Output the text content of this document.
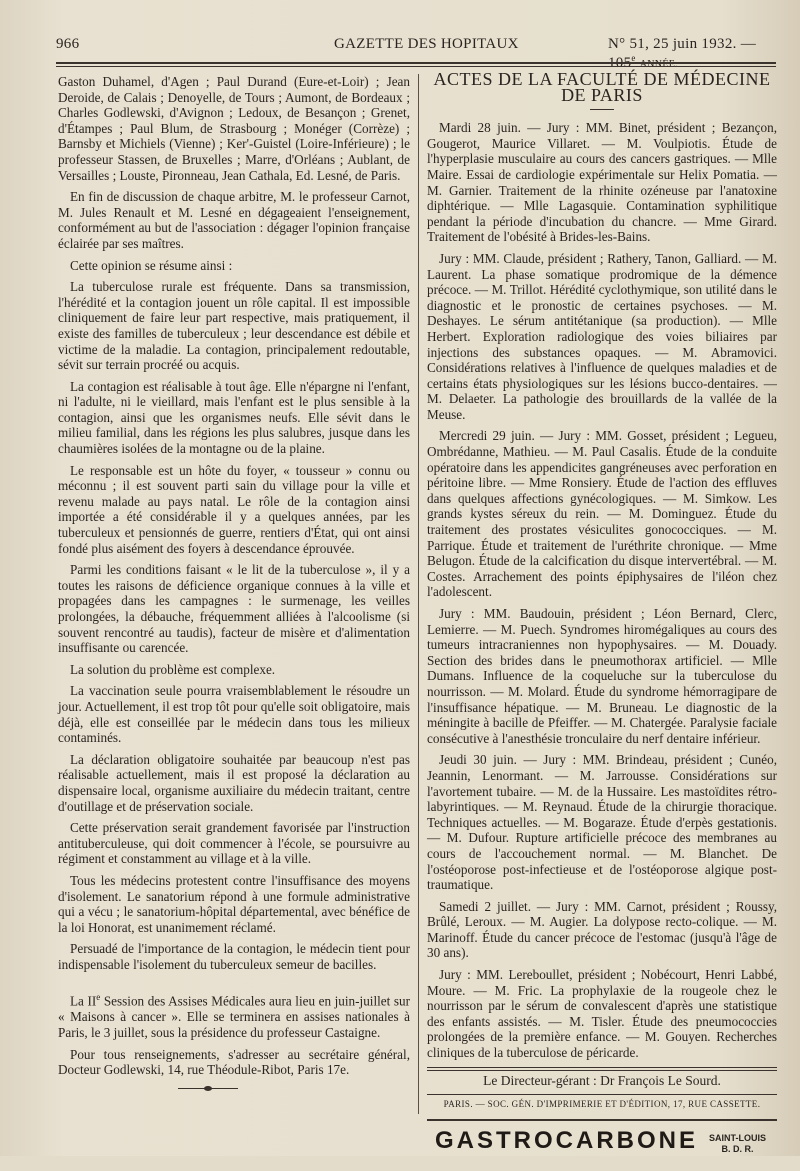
966	GAZETTE DES HOPITAUX	N° 51, 25 juin 1932. — 105e ANNÉE.

Gaston Duhamel, d'Agen ; Paul Durand (Eure-et-Loir) ; Jean Deroide, de Calais ; Denoyelle, de Tours ; Aumont, de Bordeaux ; Charles Godlewski, d'Avignon ; Ledoux, de Besançon ; Grenet, d'Étampes ; Paul Blum, de Strasbourg ; Monéger (Corrèze) ; Barnsby et Michiels (Vienne) ; Ker'-Guistel (Loire-Inférieure) ; le professeur Stassen, de Bruxelles ; Marre, d'Orléans ; Aublant, de Versailles ; Louste, Pironneau, Jean Cathala, Ed. Lesné, de Paris.

En fin de discussion de chaque arbitre, M. le professeur Carnot, M. Jules Renault et M. Lesné en dégageaient l'enseignement, conformément au but de l'association : dégager l'opinion française éclairée par ses maîtres.

Cette opinion se résume ainsi :

La tuberculose rurale est fréquente. Dans sa transmission, l'hérédité et la contagion jouent un rôle capital. Il est impossible cliniquement de faire leur part respective, mais pratiquement, il existe des familles de tuberculeux ; leur descendance est débile et victime de la maladie. La contagion, principalement redoutable, sévit sur terrain procréé ou acquis.

La contagion est réalisable à tout âge. Elle n'épargne ni l'enfant, ni l'adulte, ni le vieillard, mais l'enfant est le plus sensible à la contagion, ainsi que les organismes neufs. Elle sévit dans le milieu familial, dans les régions les plus salubres, jusque dans les chaumières isolées de la montagne ou de la plaine.

Le responsable est un hôte du foyer, « tousseur » connu ou méconnu ; il est souvent parti sain du village pour la ville et revenu malade au pays natal. Le rôle de la contagion ainsi importée a été considérable il y a quelques années, par les tuberculeux et pensionnés de guerre, rentiers d'État, qui ont ainsi fondé plus aisément des foyers à descendance éprouvée.

Parmi les conditions faisant « le lit de la tuberculose », il y a toutes les raisons de déficience organique connues à la ville et propagées dans les campagnes : le surmenage, les veilles prolongées, la débauche, fréquemment alliées à l'alcoolisme (si souvent rencontré au taudis), facteur de misère et d'alimentation insuffisante ou carencée.

La solution du problème est complexe.

La vaccination seule pourra vraisemblablement le résoudre un jour. Actuellement, il est trop tôt pour qu'elle soit obligatoire, mais déjà, elle est conseillée par le médecin dans tous les milieux contaminés.

La déclaration obligatoire souhaitée par beaucoup n'est pas réalisable actuellement, mais il est proposé la déclaration au dispensaire local, organisme auxiliaire du médecin traitant, centre d'outillage et de préservation sociale.

Cette préservation serait grandement favorisée par l'instruction antituberculeuse, qui doit commencer à l'école, se poursuivre au régiment et constamment au village et à la ville.

Tous les médecins protestent contre l'insuffisance des moyens d'isolement. Le sanatorium répond à une formule administrative qui a vécu ; le sanatorium-hôpital départemental, avec bénéfice de la loi Honorat, est unanimement réclamé.

Persuadé de l'importance de la contagion, le médecin tient pour indispensable l'isolement du tuberculeux semeur de bacilles.

La IIe Session des Assises Médicales aura lieu en juin-juillet sur « Maisons à cancer ». Elle se terminera en assises nationales à Paris, le 3 juillet, sous la présidence du professeur Castaigne.

Pour tous renseignements, s'adresser au secrétaire général, Docteur Godlewski, 14, rue Théodule-Ribot, Paris 17e.

ACTES DE LA FACULTÉ DE MÉDECINE DE PARIS

Mardi 28 juin. — Jury : MM. Binet, président ; Bezançon, Gougerot, Maurice Villaret. — M. Voulpiotis. Étude de l'hyperplasie musculaire au cours des cancers gastriques. — Mlle Maire. Essai de cardiologie expérimentale sur Helix Pomatia. — M. Garnier. Traitement de la rhinite ozéneuse par l'anatoxine diphtérique. — Mlle Lagasquie. Contamination syphilitique pendant la période d'incubation du chancre. — Mme Girard. Traitement de l'obésité à Brides-les-Bains.

Jury : MM. Claude, président ; Rathery, Tanon, Galliard. — M. Laurent. La phase somatique prodromique de la démence précoce. — M. Trillot. Hérédité cyclothymique, son utilité dans le diagnostic et le pronostic de certaines psychoses. — M. Deshayes. Le sérum antitétanique (sa production). — Mlle Herbert. Exploration radiologique des voies biliaires par injections des substances opaques. — M. Abramovici. Considérations relatives à l'influence de quelques maladies et de certains états physiologiques sur les lésions bucco-dentaires. — M. Delaeter. La pathologie des brouillards de la vallée de la Meuse.

Mercredi 29 juin. — Jury : MM. Gosset, président ; Legueu, Ombrédanne, Mathieu. — M. Paul Casalis. Étude de la conduite opératoire dans les appendicites gangréneuses avec perforation en péritoine libre. — Mme Ronsiery. Étude de l'action des effluves dans quelques affections gynécologiques. — M. Simkow. Les grands kystes séreux du rein. — M. Dominguez. Étude du traitement des prostates vésiculites gonococciques. — M. Parrique. Étude et traitement de l'uréthrite chronique. — Mme Belugon. Étude de la calcification du disque intervertébral. — M. Costes. Arrachement des points épiphysaires de l'iléon chez l'adolescent.

Jury : MM. Baudouin, président ; Léon Bernard, Clerc, Lemierre. — M. Puech. Syndromes hiromégaliques au cours des tumeurs intracraniennes non hypophysaires. — M. Douady. Section des brides dans le pneumothorax artificiel. — Mlle Dumans. Influence de la coqueluche sur la tuberculose du nourrisson. — M. Molard. Étude du syndrome hémorragipare de l'insuffisance hépatique. — M. Bruneau. Le diagnostic de la méningite à bacille de Pfeiffer. — M. Chatergée. Paralysie faciale consécutive à l'anesthésie tronculaire du nerf dentaire inférieur.

Jeudi 30 juin. — Jury : MM. Brindeau, président ; Cunéo, Jeannin, Lenormant. — M. Jarrousse. Considérations sur l'avortement tubaire. — M. de la Hussaire. Les mastoïdites rétro-labyrintiques. — M. Reynaud. Étude de la chirurgie thoracique. Techniques actuelles. — M. Bogaraze. Étude d'erpès gestationis. — M. Dufour. Rupture artificielle précoce des membranes au cours de l'accouchement normal. — M. Blanchet. De l'ostéoporose post-infectieuse et de l'ostéoporose algique post-traumatique.

Samedi 2 juillet. — Jury : MM. Carnot, président ; Roussy, Brûlé, Leroux. — M. Augier. La dolypose recto-colique. — M. Marinoff. Étude du cancer précoce de l'estomac (jusqu'à l'âge de 30 ans).

Jury : MM. Lereboullet, président ; Nobécourt, Henri Labbé, Moure. — M. Fric. La prophylaxie de la rougeole chez le nourrisson par le sérum de convalescent d'après une statistique des enfants assistés. — M. Tisler. Étude des pneumococcies prolongées de la première enfance. — M. Gouyen. Recherches cliniques de la tuberculose de péricarde.

Le Directeur-gérant : Dr François Le Sourd.

PARIS. — SOC. GÉN. D'IMPRIMERIE ET D'ÉDITION, 17, RUE CASSETTE.

GASTROCARBONE SAINT-LOUIS
B. D. R.
